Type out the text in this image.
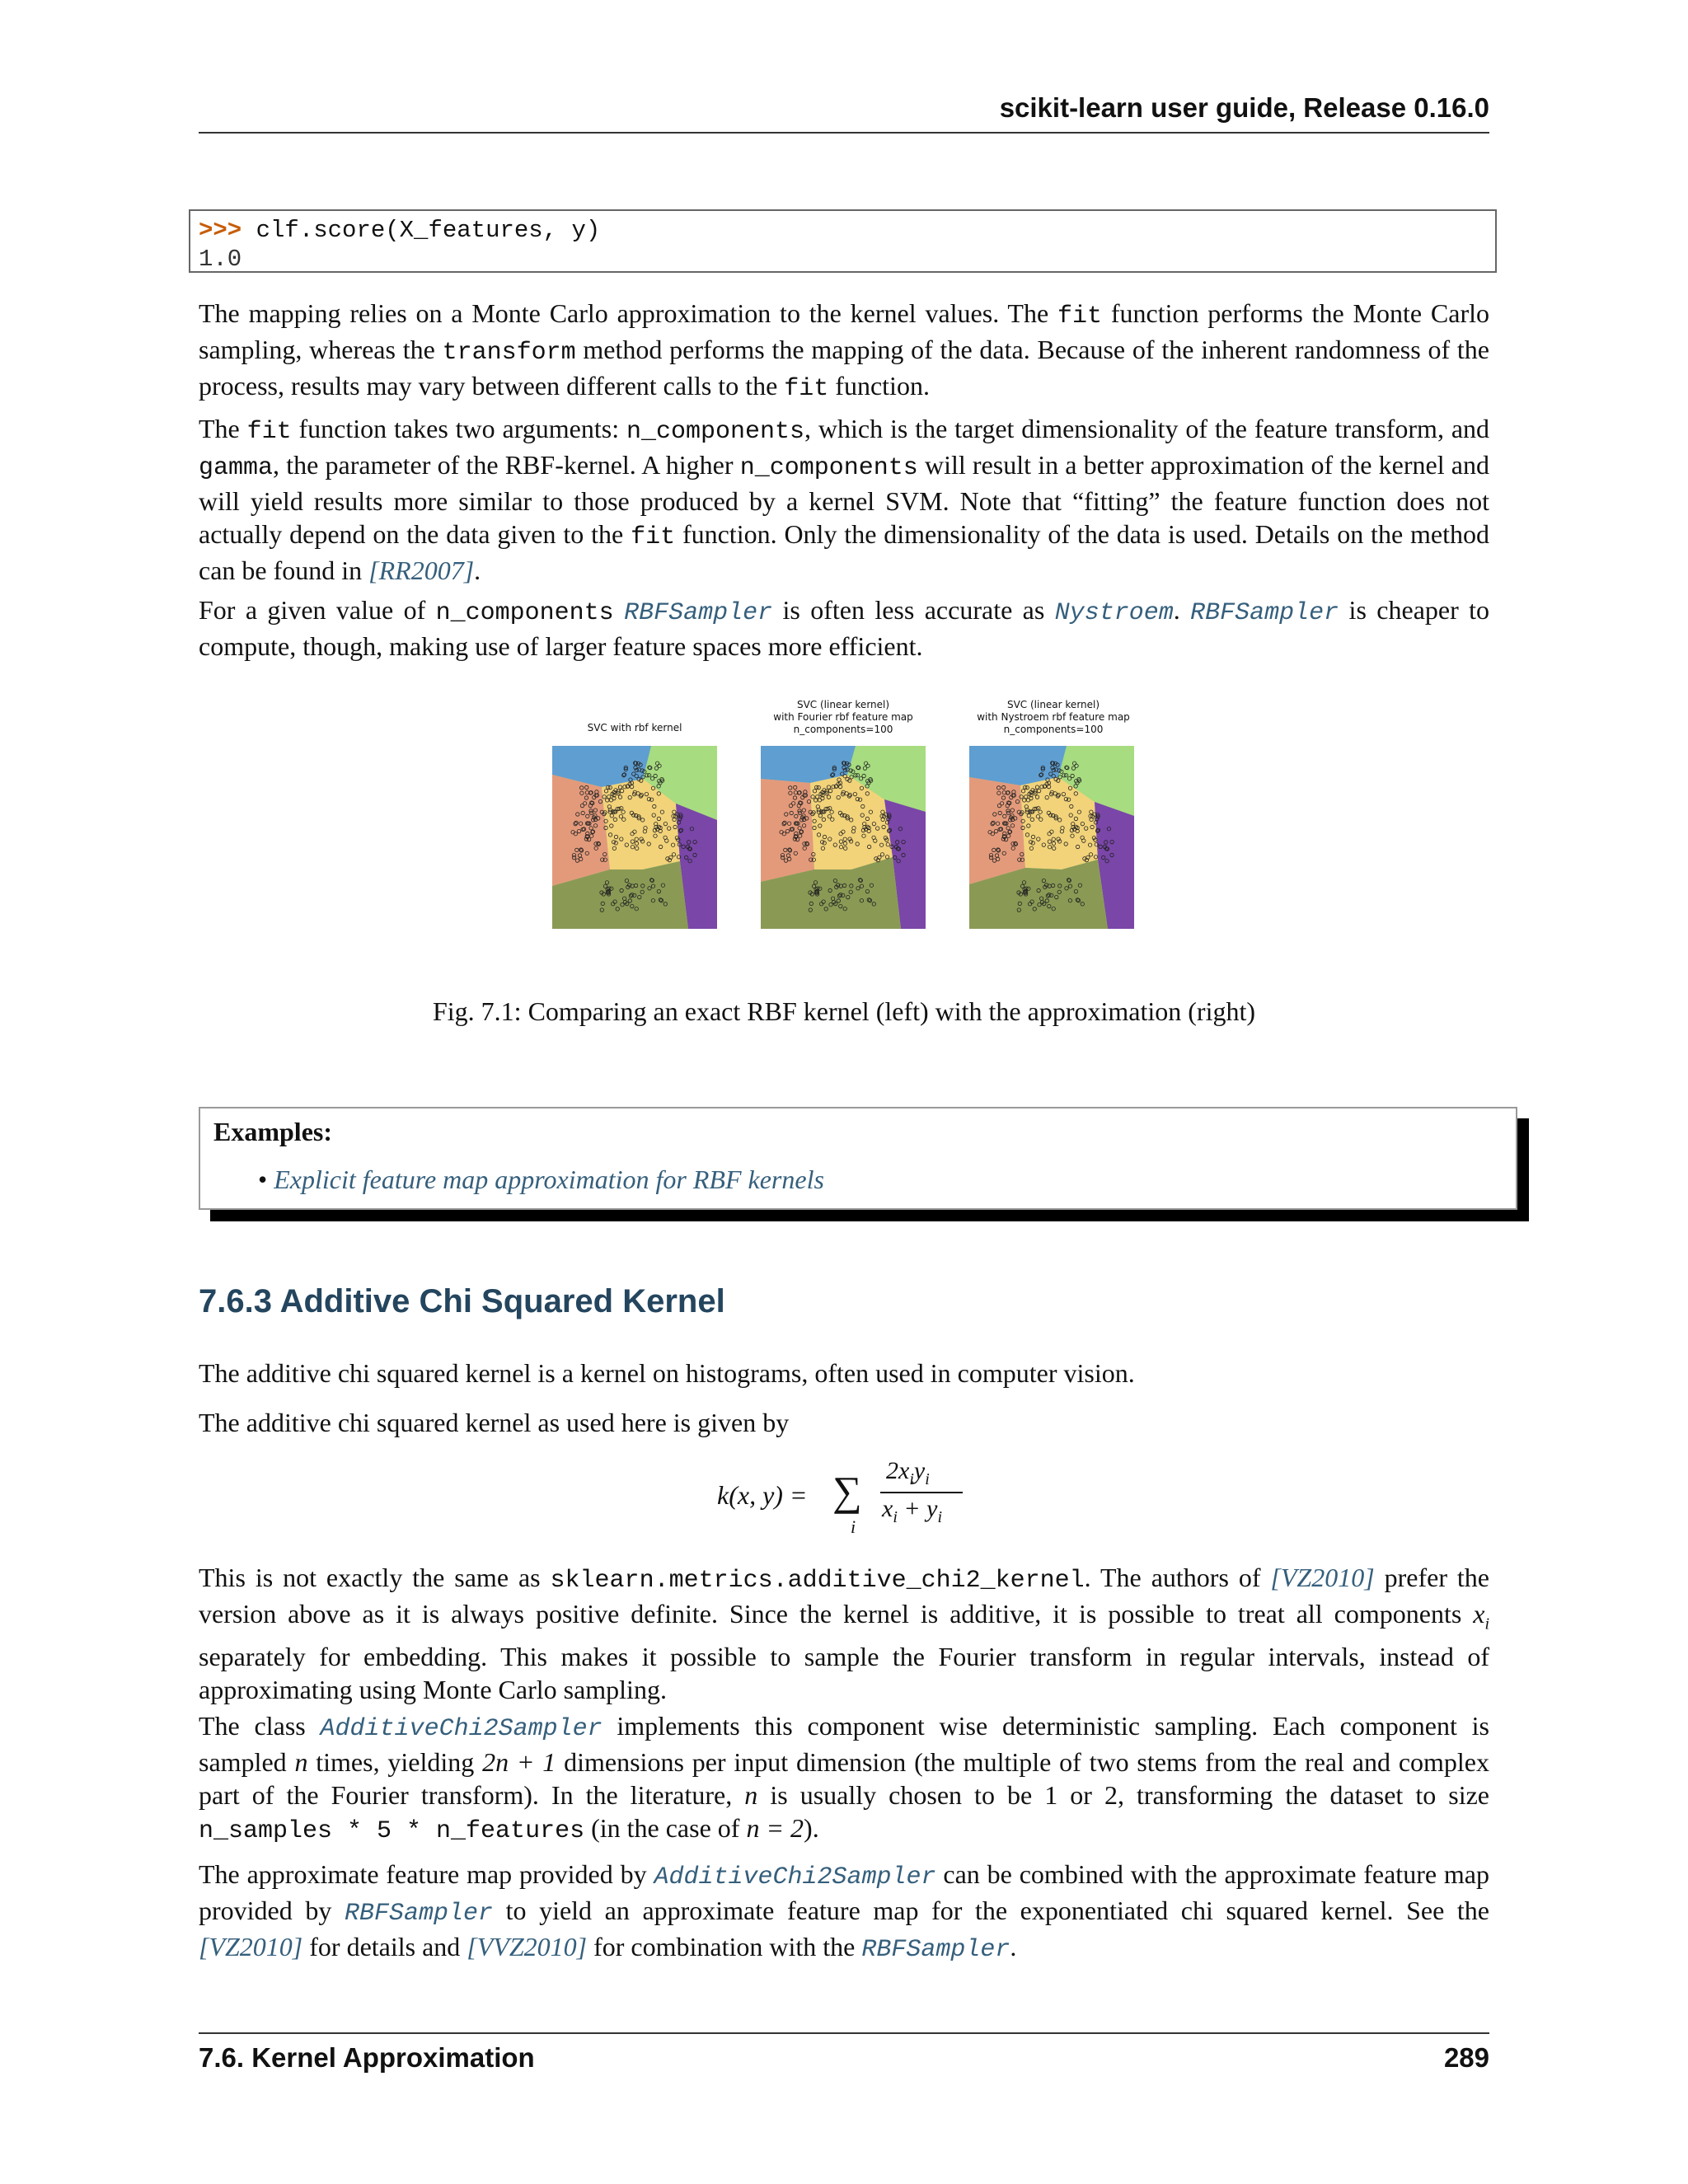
scikit-learn user guide, Release 0.16.0
>>> clf.score(X_features, y)
1.0

The mapping relies on a Monte Carlo approximation to the kernel values. The fit function performs the Monte Carlo sampling, whereas the transform method performs the mapping of the data. Because of the inherent randomness of the process, results may vary between different calls to the fit function.

The fit function takes two arguments: n_components, which is the target dimensionality of the feature transform, and gamma, the parameter of the RBF-kernel. A higher n_components will result in a better approximation of the kernel and will yield results more similar to those produced by a kernel SVM. Note that “fitting” the feature function does not actually depend on the data given to the fit function. Only the dimensionality of the data is used. Details on the method can be found in [RR2007].

For a given value of n_components RBFSampler is often less accurate as Nystroem. RBFSampler is cheaper to compute, though, making use of larger feature spaces more efficient.

SVC with rbf kernel
SVC (linear kernel)
with Fourier rbf feature map
n_components=100
SVC (linear kernel)
with Nystroem rbf feature map
n_components=100
Fig. 7.1: Comparing an exact RBF kernel (left) with the approximation (right)
Examples:
• Explicit feature map approximation for RBF kernels
7.6.3 Additive Chi Squared Kernel

The additive chi squared kernel is a kernel on histograms, often used in computer vision.

The additive chi squared kernel as used here is given by

k(x, y) = ∑
i
$2x_iy_i$
$x_i + y_i$

This is not exactly the same as sklearn.metrics.additive_chi2_kernel. The authors of [VZ2010] prefer the version above as it is always positive definite. Since the kernel is additive, it is possible to treat all components $x_i$ separately for embedding. This makes it possible to sample the Fourier transform in regular intervals, instead of approximating using Monte Carlo sampling.

The class AdditiveChi2Sampler implements this component wise deterministic sampling. Each component is sampled n times, yielding 2n + 1 dimensions per input dimension (the multiple of two stems from the real and complex part of the Fourier transform). In the literature, n is usually chosen to be 1 or 2, transforming the dataset to size n_samples * 5 * n_features (in the case of n = 2).

The approximate feature map provided by AdditiveChi2Sampler can be combined with the approximate feature map provided by RBFSampler to yield an approximate feature map for the exponentiated chi squared kernel. See the [VZ2010] for details and [VVZ2010] for combination with the RBFSampler.

7.6. Kernel Approximation	289
